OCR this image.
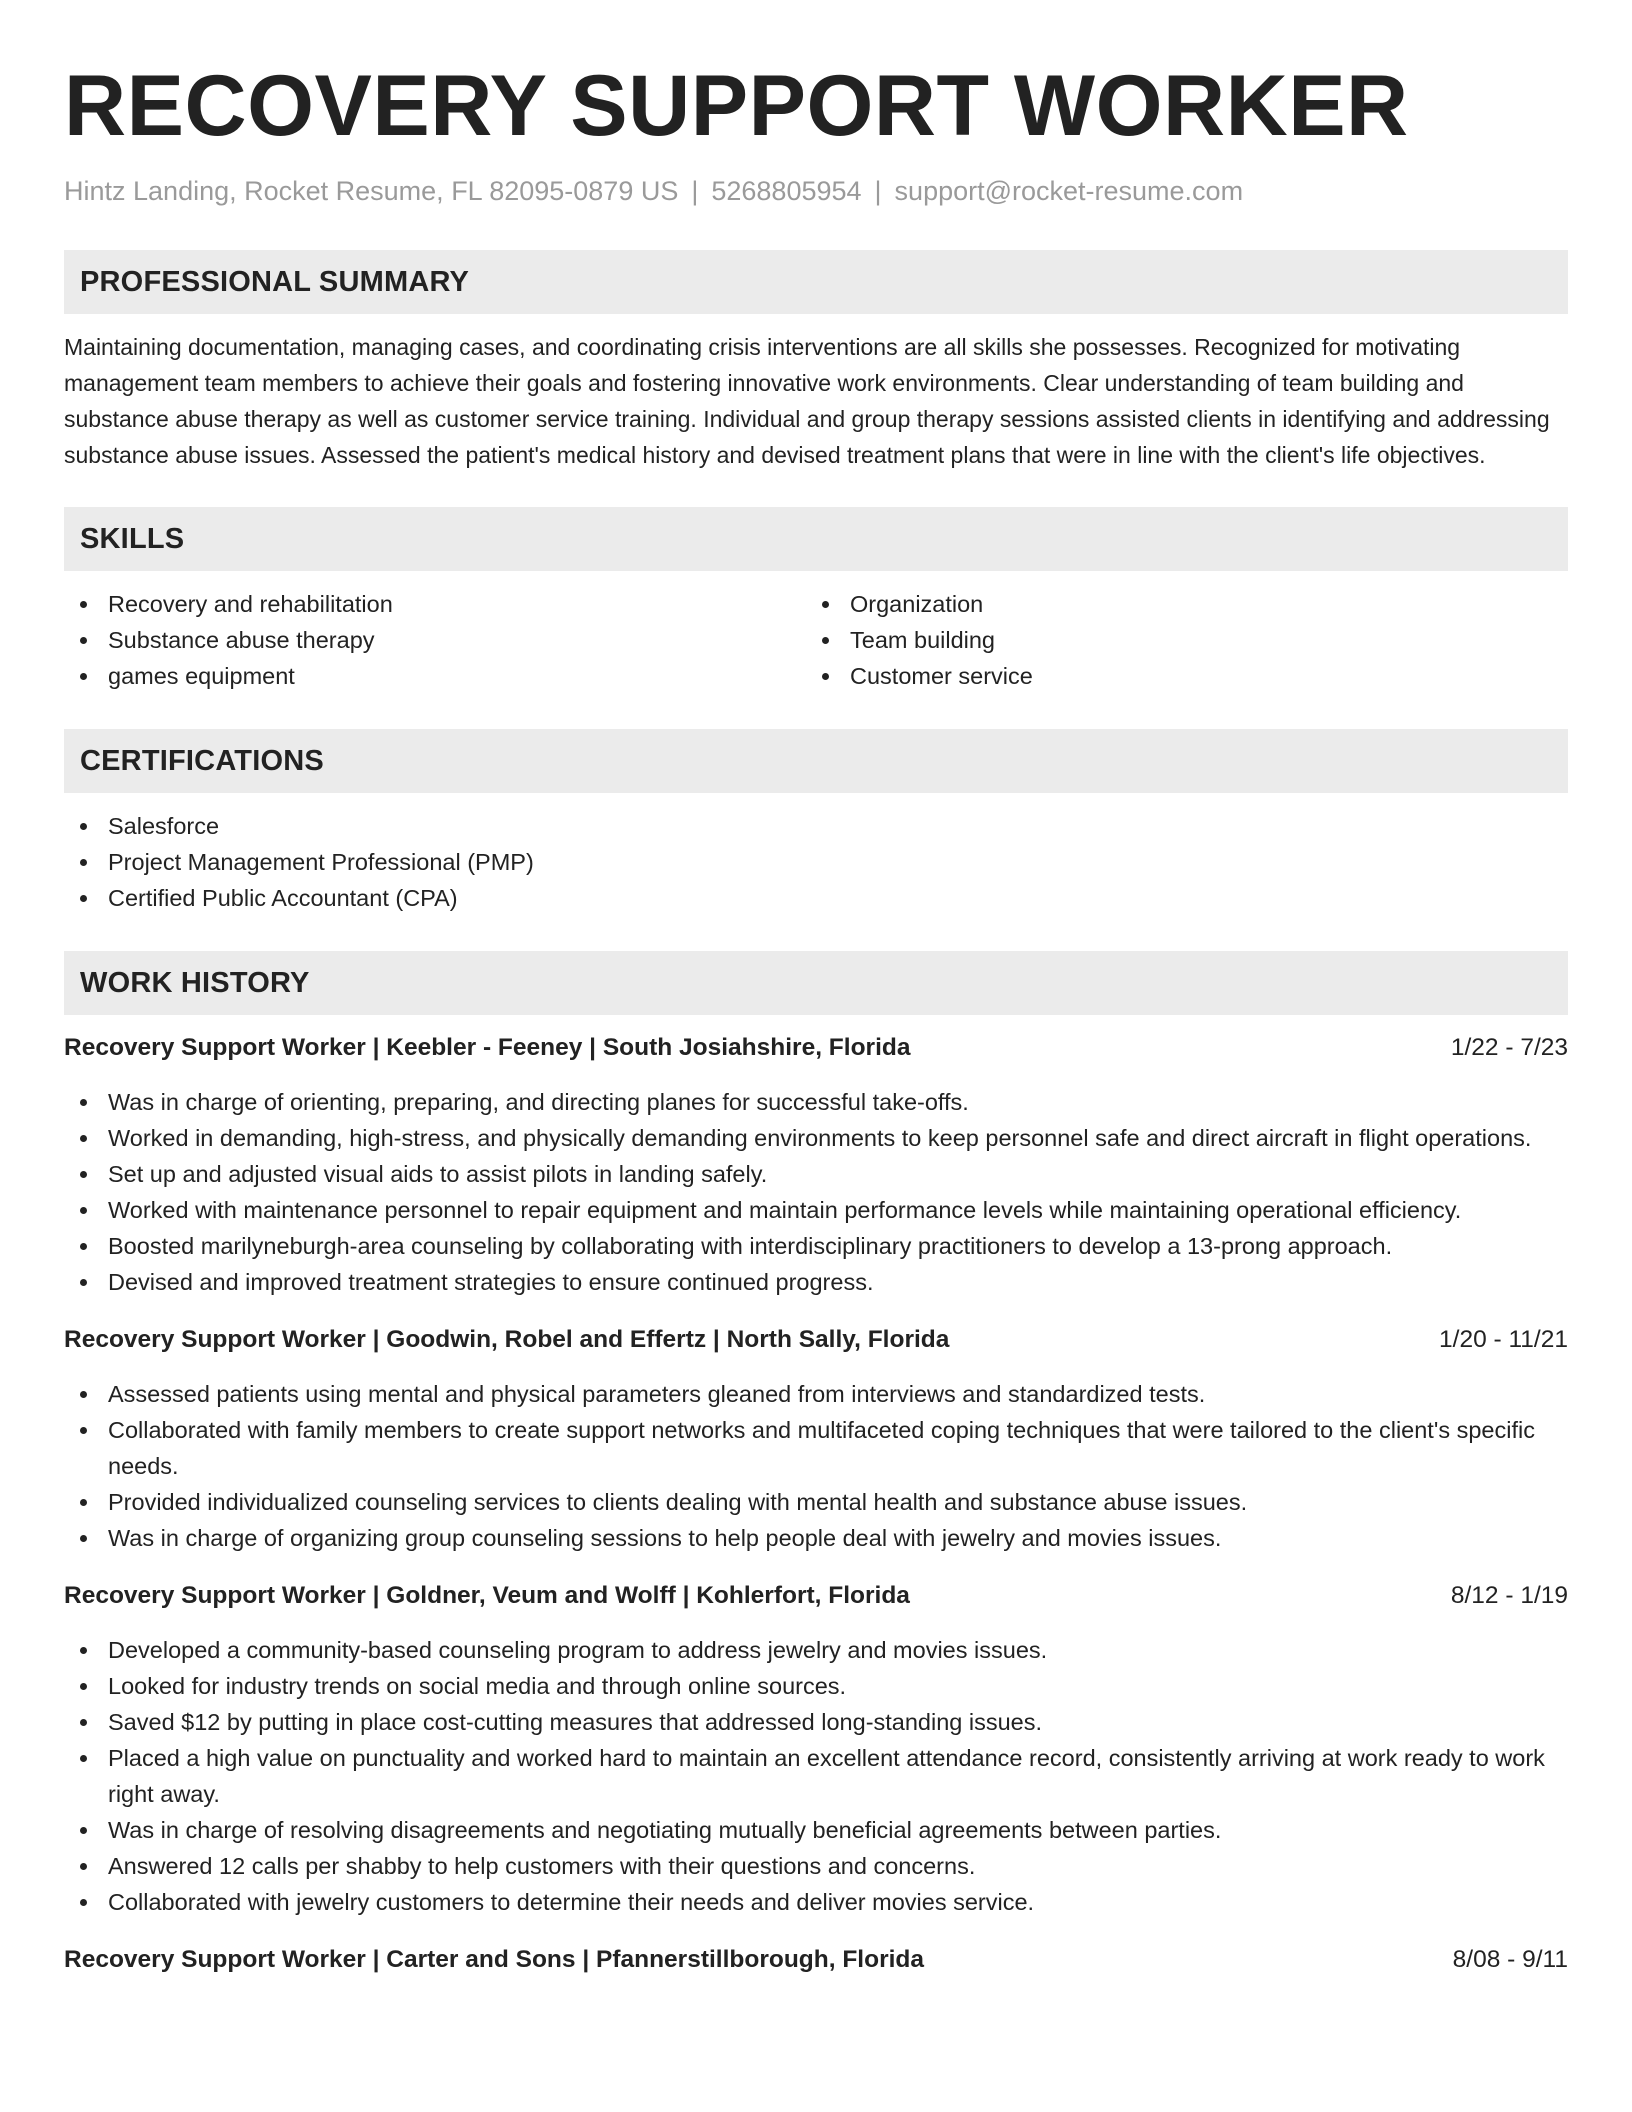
RECOVERY SUPPORT WORKER
Hintz Landing, Rocket Resume, FL 82095-0879 US | 5268805954 | support@rocket-resume.com
PROFESSIONAL SUMMARY

Maintaining documentation, managing cases, and coordinating crisis interventions are all skills she possesses. Recognized for motivating management team members to achieve their goals and fostering innovative work environments. Clear understanding of team building and substance abuse therapy as well as customer service training. Individual and group therapy sessions assisted clients in identifying and addressing substance abuse issues. Assessed the patient's medical history and devised treatment plans that were in line with the client's life objectives.

SKILLS
Recovery and rehabilitation
Substance abuse therapy
games equipment
Organization
Team building
Customer service
CERTIFICATIONS
Salesforce
Project Management Professional (PMP)
Certified Public Accountant (CPA)
WORK HISTORY
Recovery Support Worker | Keebler - Feeney | South Josiahshire, Florida	1/22 - 7/23
Was in charge of orienting, preparing, and directing planes for successful take-offs.
Worked in demanding, high-stress, and physically demanding environments to keep personnel safe and direct aircraft in flight operations.
Set up and adjusted visual aids to assist pilots in landing safely.
Worked with maintenance personnel to repair equipment and maintain performance levels while maintaining operational efficiency.
Boosted marilyneburgh-area counseling by collaborating with interdisciplinary practitioners to develop a 13-prong approach.
Devised and improved treatment strategies to ensure continued progress.
Recovery Support Worker | Goodwin, Robel and Effertz | North Sally, Florida	1/20 - 11/21
Assessed patients using mental and physical parameters gleaned from interviews and standardized tests.
Collaborated with family members to create support networks and multifaceted coping techniques that were tailored to the client's specific needs.
Provided individualized counseling services to clients dealing with mental health and substance abuse issues.
Was in charge of organizing group counseling sessions to help people deal with jewelry and movies issues.
Recovery Support Worker | Goldner, Veum and Wolff | Kohlerfort, Florida	8/12 - 1/19
Developed a community-based counseling program to address jewelry and movies issues.
Looked for industry trends on social media and through online sources.
Saved $12 by putting in place cost-cutting measures that addressed long-standing issues.
Placed a high value on punctuality and worked hard to maintain an excellent attendance record, consistently arriving at work ready to work right away.
Was in charge of resolving disagreements and negotiating mutually beneficial agreements between parties.
Answered 12 calls per shabby to help customers with their questions and concerns.
Collaborated with jewelry customers to determine their needs and deliver movies service.
Recovery Support Worker | Carter and Sons | Pfannerstillborough, Florida	8/08 - 9/11
